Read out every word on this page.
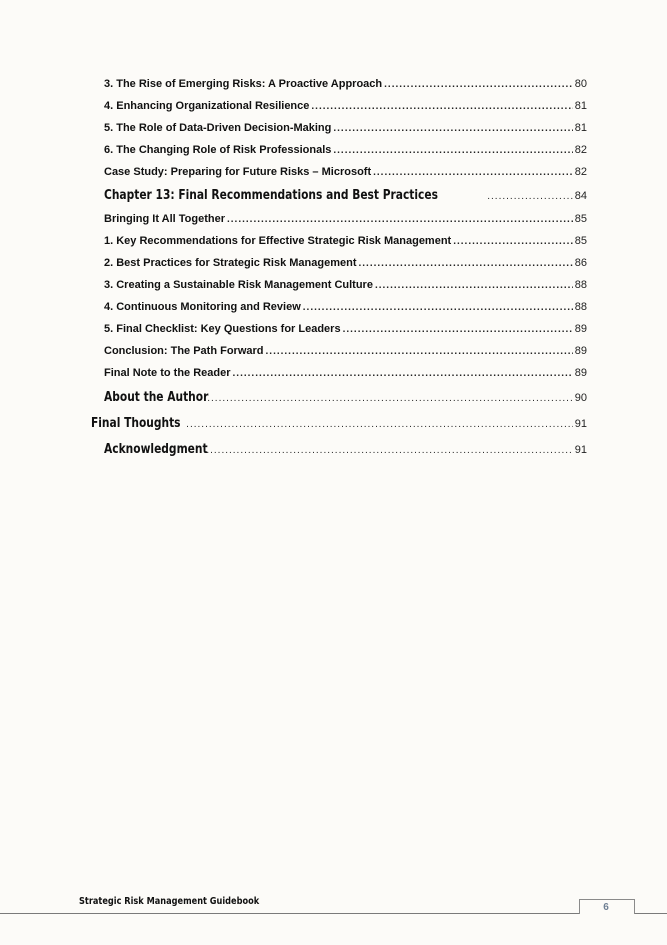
3. The Rise of Emerging Risks: A Proactive Approach .....	80
4. Enhancing Organizational Resilience .....	81
5. The Role of Data-Driven Decision-Making .....	81
6. The Changing Role of Risk Professionals .....	82
Case Study: Preparing for Future Risks – Microsoft .....	82
Chapter 13: Final Recommendations and Best Practices .....	84
Bringing It All Together .....	85
1. Key Recommendations for Effective Strategic Risk Management .....	85
2. Best Practices for Strategic Risk Management .....	86
3. Creating a Sustainable Risk Management Culture .....	88
4. Continuous Monitoring and Review .....	88
5. Final Checklist: Key Questions for Leaders .....	89
Conclusion: The Path Forward .....	89
Final Note to the Reader .....	89
About the Author .....	90
Final Thoughts .....	91
Acknowledgment .....	91
Strategic Risk Management Guidebook
6
